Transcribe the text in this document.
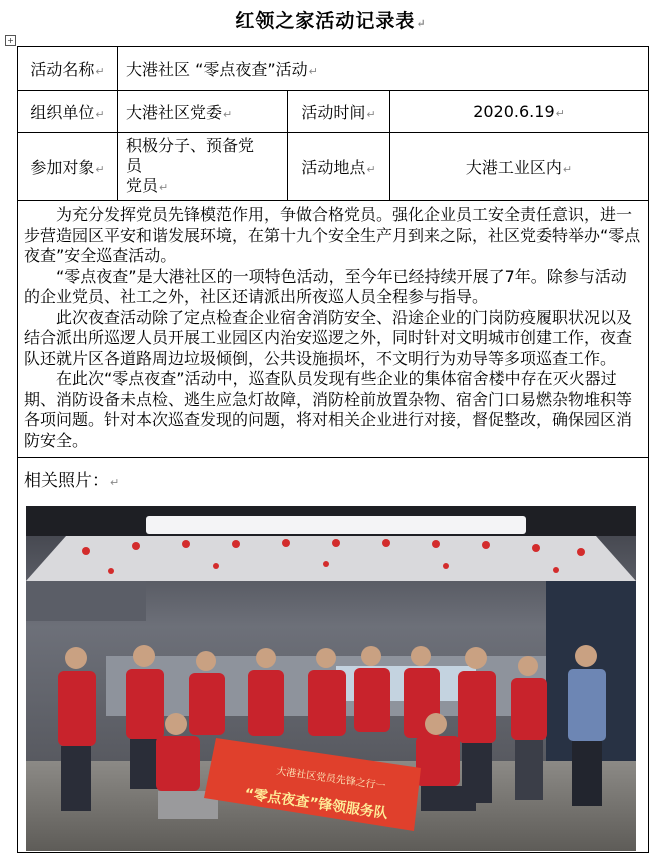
红领之家活动记录表↵
+
活动名称↵	大港社区 “零点夜查”活动↵		
组织单位↵	大港社区党委↵	活动时间↵	2020.6.19↵
参加对象↵	积极分子、预备党
员
党员↵	活动地点↵	大港工业区内↵

为充分发挥党员先锋模范作用，争做合格党员。强化企业员工安全责任意识，进一步营造园区平安和谐发展环境，在第十九个安全生产月到来之际，社区党委特举办“零点夜查”安全巡查活动。

“零点夜查”是大港社区的一项特色活动，至今年已经持续开展了7年。除参与活动的企业党员、社工之外，社区还请派出所夜巡人员全程参与指导。

此次夜查活动除了定点检查企业宿舍消防安全、沿途企业的门岗防疫履职状况以及结合派出所巡逻人员开展工业园区内治安巡逻之外，同时针对文明城市创建工作，夜查队还就片区各道路周边垃圾倾倒，公共设施损坏，不文明行为劝导等多项巡查工作。

在此次“零点夜查”活动中，巡查队员发现有些企业的集体宿舍楼中存在灭火器过期、消防设备未点检、逃生应急灯故障，消防栓前放置杂物、宿舍门口易燃杂物堆积等各项问题。针对本次巡查发现的问题，将对相关企业进行对接，督促整改，确保园区消防安全。			

相关照片：↵
大港社区党员先锋之行一
“零点夜查”锋领服务队			
